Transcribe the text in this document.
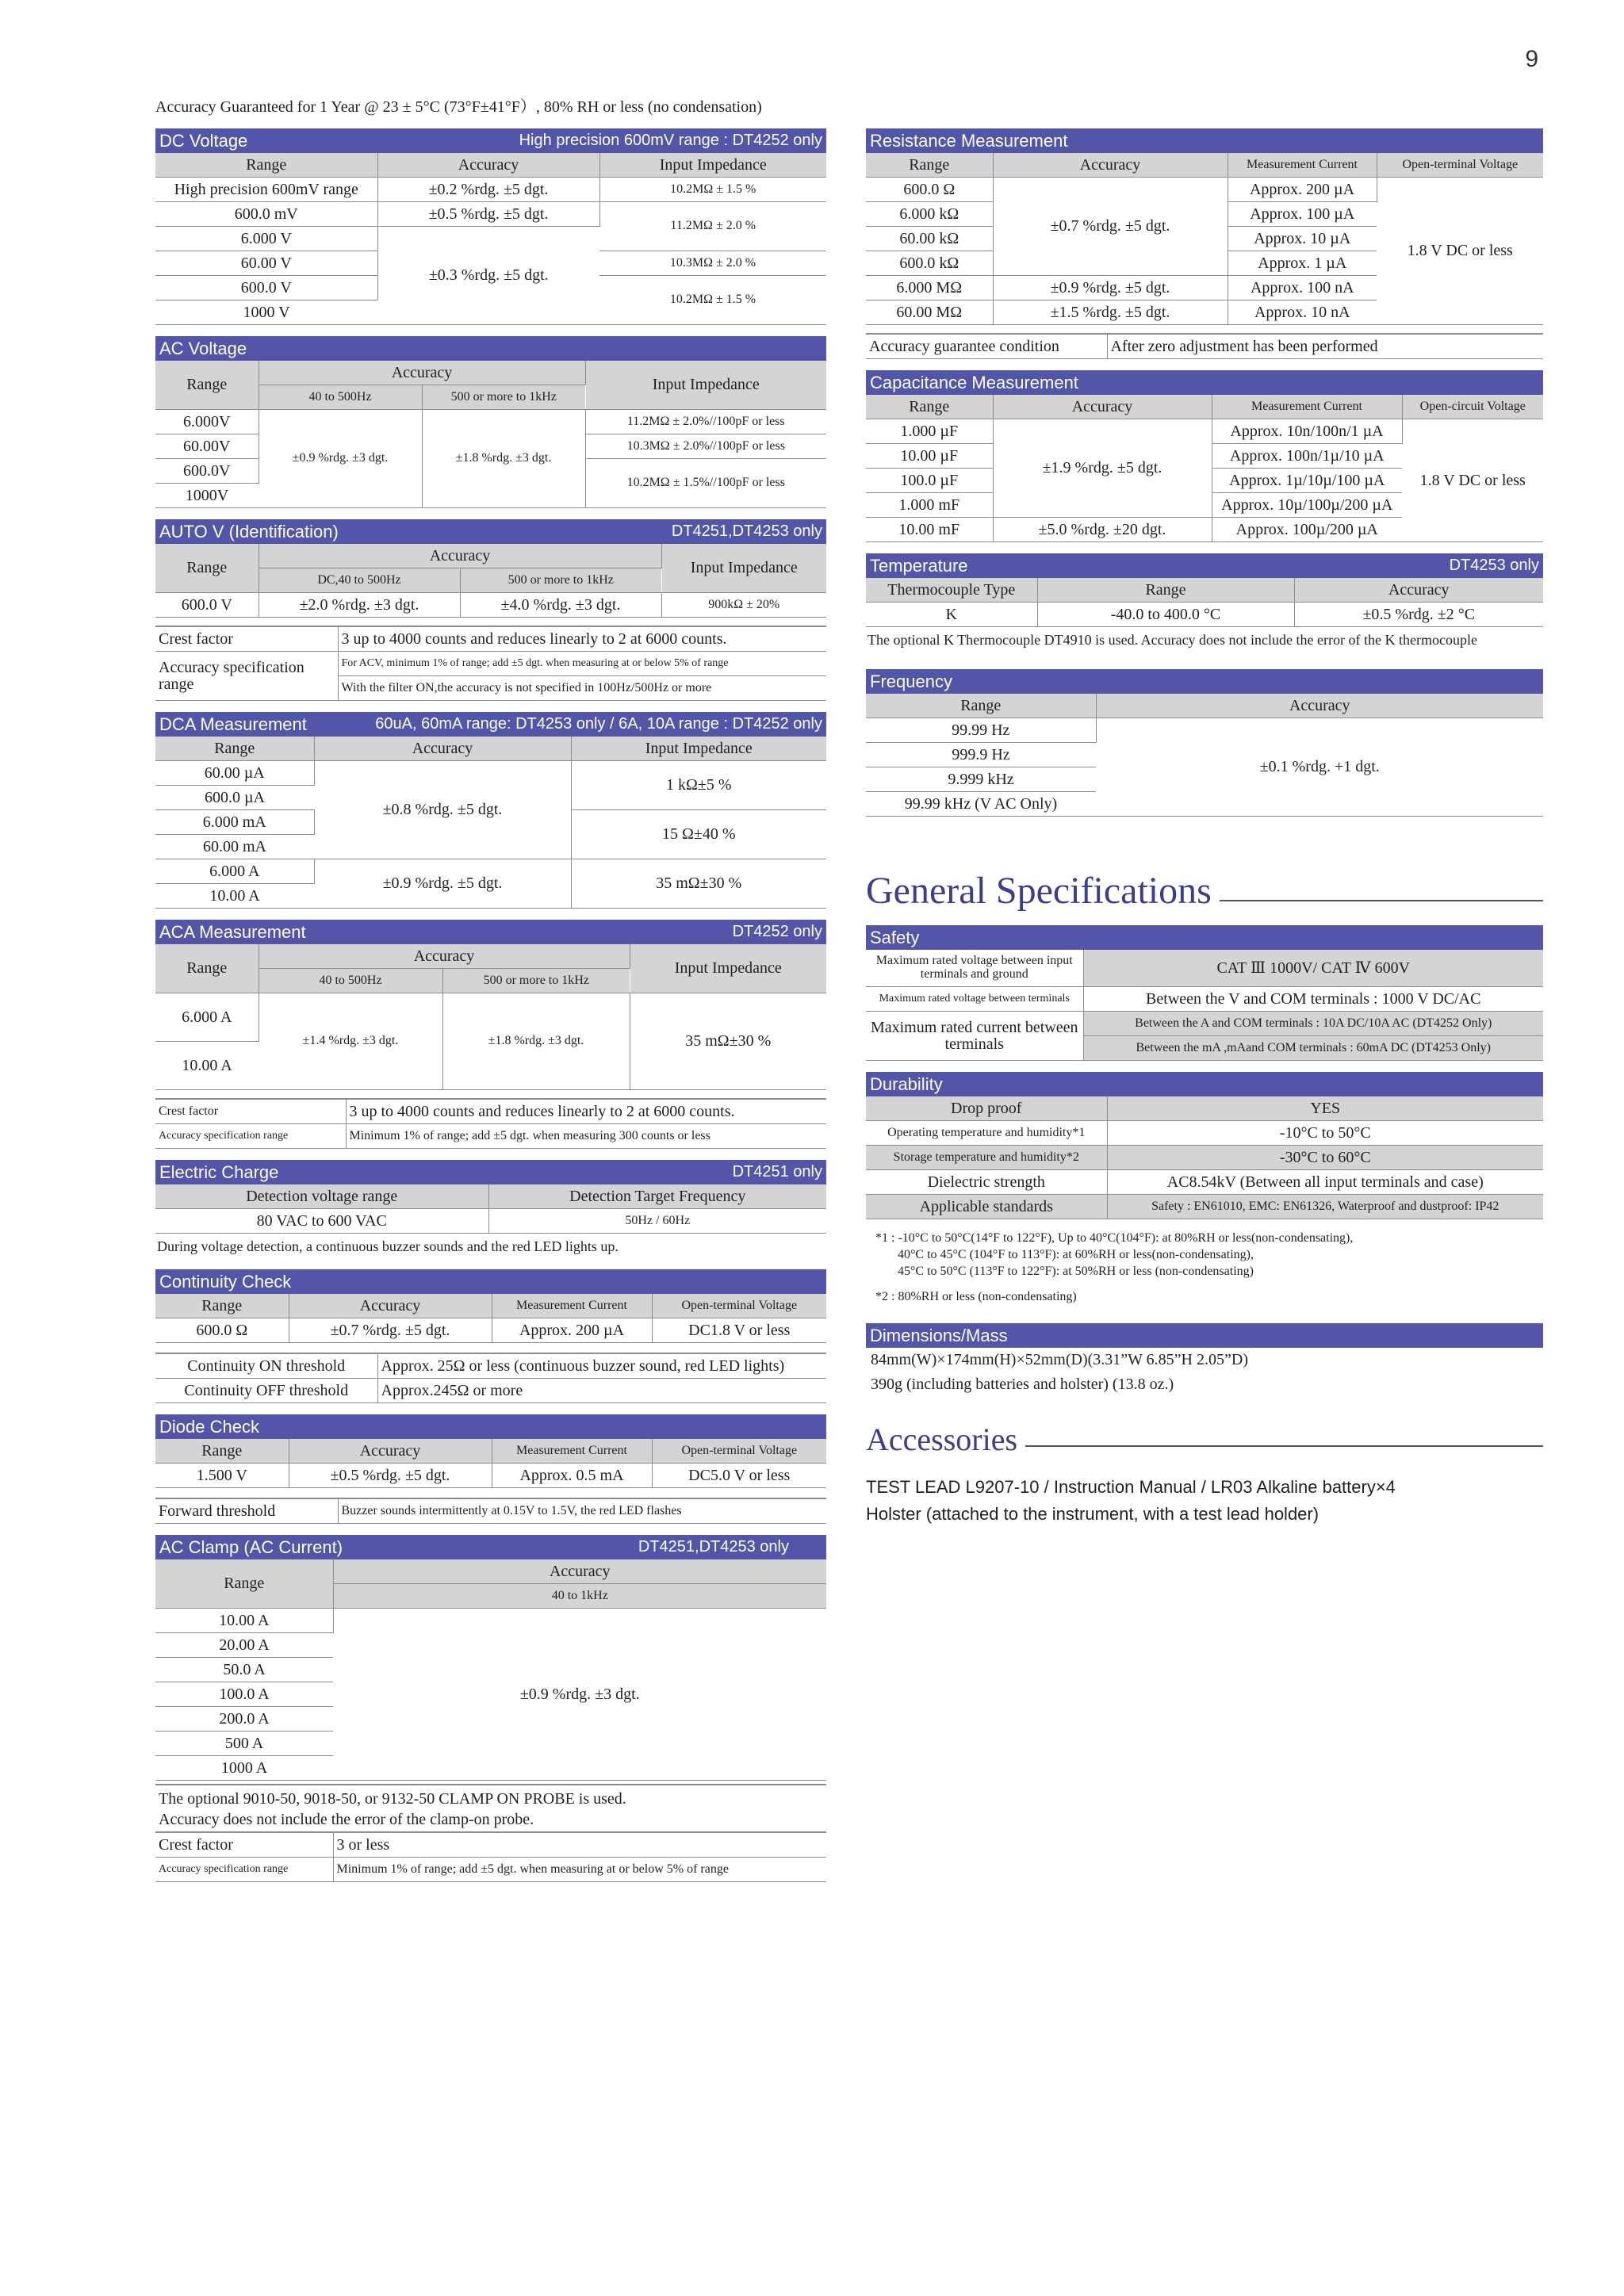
9
Accuracy Guaranteed for 1 Year @ 23 ± 5°C (73°F±41°F）, 80% RH or less (no condensation)
DC Voltage	High precision 600mV range : DT4252 only
Range	Accuracy	Input Impedance
High precision 600mV range	±0.2 %rdg. ±5 dgt.	10.2MΩ ± 1.5 %
600.0 mV	±0.5 %rdg. ±5 dgt.	11.2MΩ ± 2.0 %
6.000 V	±0.3 %rdg. ±5 dgt.	
60.00 V		10.3MΩ ± 2.0 %
600.0 V		10.2MΩ ± 1.5 %
1000 V		
AC Voltage
Range	Accuracy		Input Impedance
	40 to 500Hz	500 or more to 1kHz	
6.000V	±0.9 %rdg. ±3 dgt.	±1.8 %rdg. ±3 dgt.	11.2MΩ ± 2.0%//100pF or less
60.00V			10.3MΩ ± 2.0%//100pF or less
600.0V			10.2MΩ ± 1.5%//100pF or less
1000V			
AUTO V (Identification)	DT4251,DT4253 only
Range	Accuracy		Input Impedance
	DC,40 to 500Hz	500 or more to 1kHz	
600.0 V	±2.0 %rdg. ±3 dgt.	±4.0 %rdg. ±3 dgt.	900kΩ ± 20%
Crest factor	3 up to 4000 counts and reduces linearly to 2 at 6000 counts.
Accuracy specification range	For ACV, minimum 1% of range; add ±5 dgt. when measuring at or below 5% of range
	With the filter ON,the accuracy is not specified in 100Hz/500Hz or more
DCA Measurement	60uA, 60mA range: DT4253 only / 6A, 10A range : DT4252 only
Range	Accuracy	Input Impedance
60.00 µA	±0.8 %rdg. ±5 dgt.	1 kΩ±5 %
600.0 µA		
6.000 mA		15 Ω±40 %
60.00 mA		
6.000 A	±0.9 %rdg. ±5 dgt.	35 mΩ±30 %
10.00 A		
ACA Measurement	DT4252 only
Range	Accuracy		Input Impedance
	40 to 500Hz	500 or more to 1kHz	
6.000 A	±1.4 %rdg. ±3 dgt.	±1.8 %rdg. ±3 dgt.	35 mΩ±30 %
10.00 A			
Crest factor	3 up to 4000 counts and reduces linearly to 2 at 6000 counts.
Accuracy specification range	Minimum 1% of range; add ±5 dgt. when measuring 300 counts or less
Electric Charge	DT4251 only
Detection voltage range	Detection Target Frequency
80 VAC to 600 VAC	50Hz / 60Hz
During voltage detection, a continuous buzzer sounds and the red LED lights up.
Continuity Check
Range	Accuracy	Measurement Current	Open-terminal Voltage
600.0 Ω	±0.7 %rdg. ±5 dgt.	Approx. 200 µA	DC1.8 V or less
Continuity ON threshold	Approx. 25Ω or less (continuous buzzer sound, red LED lights)
Continuity OFF threshold	Approx.245Ω or more
Diode Check
Range	Accuracy	Measurement Current	Open-terminal Voltage
1.500 V	±0.5 %rdg. ±5 dgt.	Approx. 0.5 mA	DC5.0 V or less
Forward threshold	Buzzer sounds intermittently at 0.15V to 1.5V, the red LED flashes
AC Clamp (AC Current)	DT4251,DT4253 only
Range	Accuracy
	40 to 1kHz
10.00 A	±0.9 %rdg. ±3 dgt.
20.00 A	
50.0 A	
100.0 A	
200.0 A	
500 A	
1000 A	
The optional 9010-50, 9018-50, or 9132-50 CLAMP ON PROBE is used.
Accuracy does not include the error of the clamp-on probe.
Crest factor	3 or less
Accuracy specification range	Minimum 1% of range; add ±5 dgt. when measuring at or below 5% of range
Resistance Measurement
Range	Accuracy	Measurement Current	Open-terminal Voltage
600.0 Ω	±0.7 %rdg. ±5 dgt.	Approx. 200 µA	1.8 V DC or less
6.000 kΩ		Approx. 100 µA	
60.00 kΩ		Approx. 10 µA	
600.0 kΩ		Approx. 1 µA	
6.000 MΩ	±0.9 %rdg. ±5 dgt.	Approx. 100 nA	
60.00 MΩ	±1.5 %rdg. ±5 dgt.	Approx. 10 nA	
Accuracy guarantee condition	After zero adjustment has been performed
Capacitance Measurement
Range	Accuracy	Measurement Current	Open-circuit Voltage
1.000 µF	±1.9 %rdg. ±5 dgt.	Approx. 10n/100n/1 µA	1.8 V DC or less
10.00 µF		Approx. 100n/1µ/10 µA	
100.0 µF		Approx. 1µ/10µ/100 µA	
1.000 mF		Approx. 10µ/100µ/200 µA	
10.00 mF	±5.0 %rdg. ±20 dgt.	Approx. 100µ/200 µA	
Temperature	DT4253 only
Thermocouple Type	Range	Accuracy
K	-40.0 to 400.0 °C	±0.5 %rdg. ±2 °C
The optional K Thermocouple DT4910 is used. Accuracy does not include the error of the K thermocouple
Frequency
Range	Accuracy
99.99 Hz	±0.1 %rdg. +1 dgt.
999.9 Hz	
9.999 kHz	
99.99 kHz (V AC Only)	
General Specifications
Safety
Maximum rated voltage between input terminals and ground	CAT Ⅲ 1000V/ CAT Ⅳ 600V
Maximum rated voltage between terminals	Between the V and COM terminals : 1000 V DC/AC
Maximum rated current between terminals	Between the A and COM terminals : 10A DC/10A AC (DT4252 Only)
	Between the mA ,mAand COM terminals : 60mA DC (DT4253 Only)
Durability
Drop proof	YES
Operating temperature and humidity*1	-10°C to 50°C
Storage temperature and humidity*2	-30°C to 60°C
Dielectric strength	AC8.54kV (Between all input terminals and case)
Applicable standards	Safety : EN61010, EMC: EN61326, Waterproof and dustproof: IP42
*1 : -10°C to 50°C(14°F to 122°F), Up to 40°C(104°F): at 80%RH or less(non-condensating),
40°C to 45°C (104°F to 113°F): at 60%RH or less(non-condensating),
45°C to 50°C (113°F to 122°F): at 50%RH or less (non-condensating)
*2 : 80%RH or less (non-condensating)
Dimensions/Mass
84mm(W)×174mm(H)×52mm(D)(3.31”W 6.85”H 2.05”D)
390g (including batteries and holster) (13.8 oz.)
Accessories
TEST LEAD L9207-10 / Instruction Manual / LR03 Alkaline battery×4
Holster (attached to the instrument, with a test lead holder)
